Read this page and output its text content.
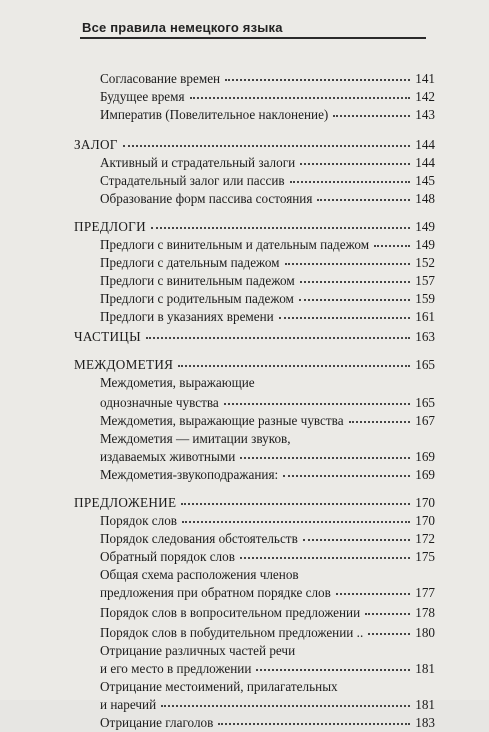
Все правила немецкого языка
Согласование времен	141
Будущее время	142
Императив (Повелительное наклонение)	143
ЗАЛОГ	144
Активный и страдательный залоги	144
Страдательный залог или пассив	145
Образование форм пассива состояния	148
ПРЕДЛОГИ	149
Предлоги с винительным и дательным падежом	149
Предлоги с дательным падежом	152
Предлоги с винительным падежом	157
Предлоги с родительным падежом	159
Предлоги в указаниях времени	161
ЧАСТИЦЫ	163
МЕЖДОМЕТИЯ	165
Междометия, выражающие
однозначные чувства	165
Междометия, выражающие разные чувства	167
Междометия — имитации звуков,
издаваемых животными	169
Междометия-звукоподражания:	169
ПРЕДЛОЖЕНИЕ	170
Порядок слов	170
Порядок следования обстоятельств	172
Обратный порядок слов	175
Общая схема расположения членов
предложения при обратном порядке слов	177
Порядок слов в вопросительном предложении	178
Порядок слов в побудительном предложении ..	180
Отрицание различных частей речи
и его место в предложении	181
Отрицание местоимений, прилагательных
и наречий	181
Отрицание глаголов	183
